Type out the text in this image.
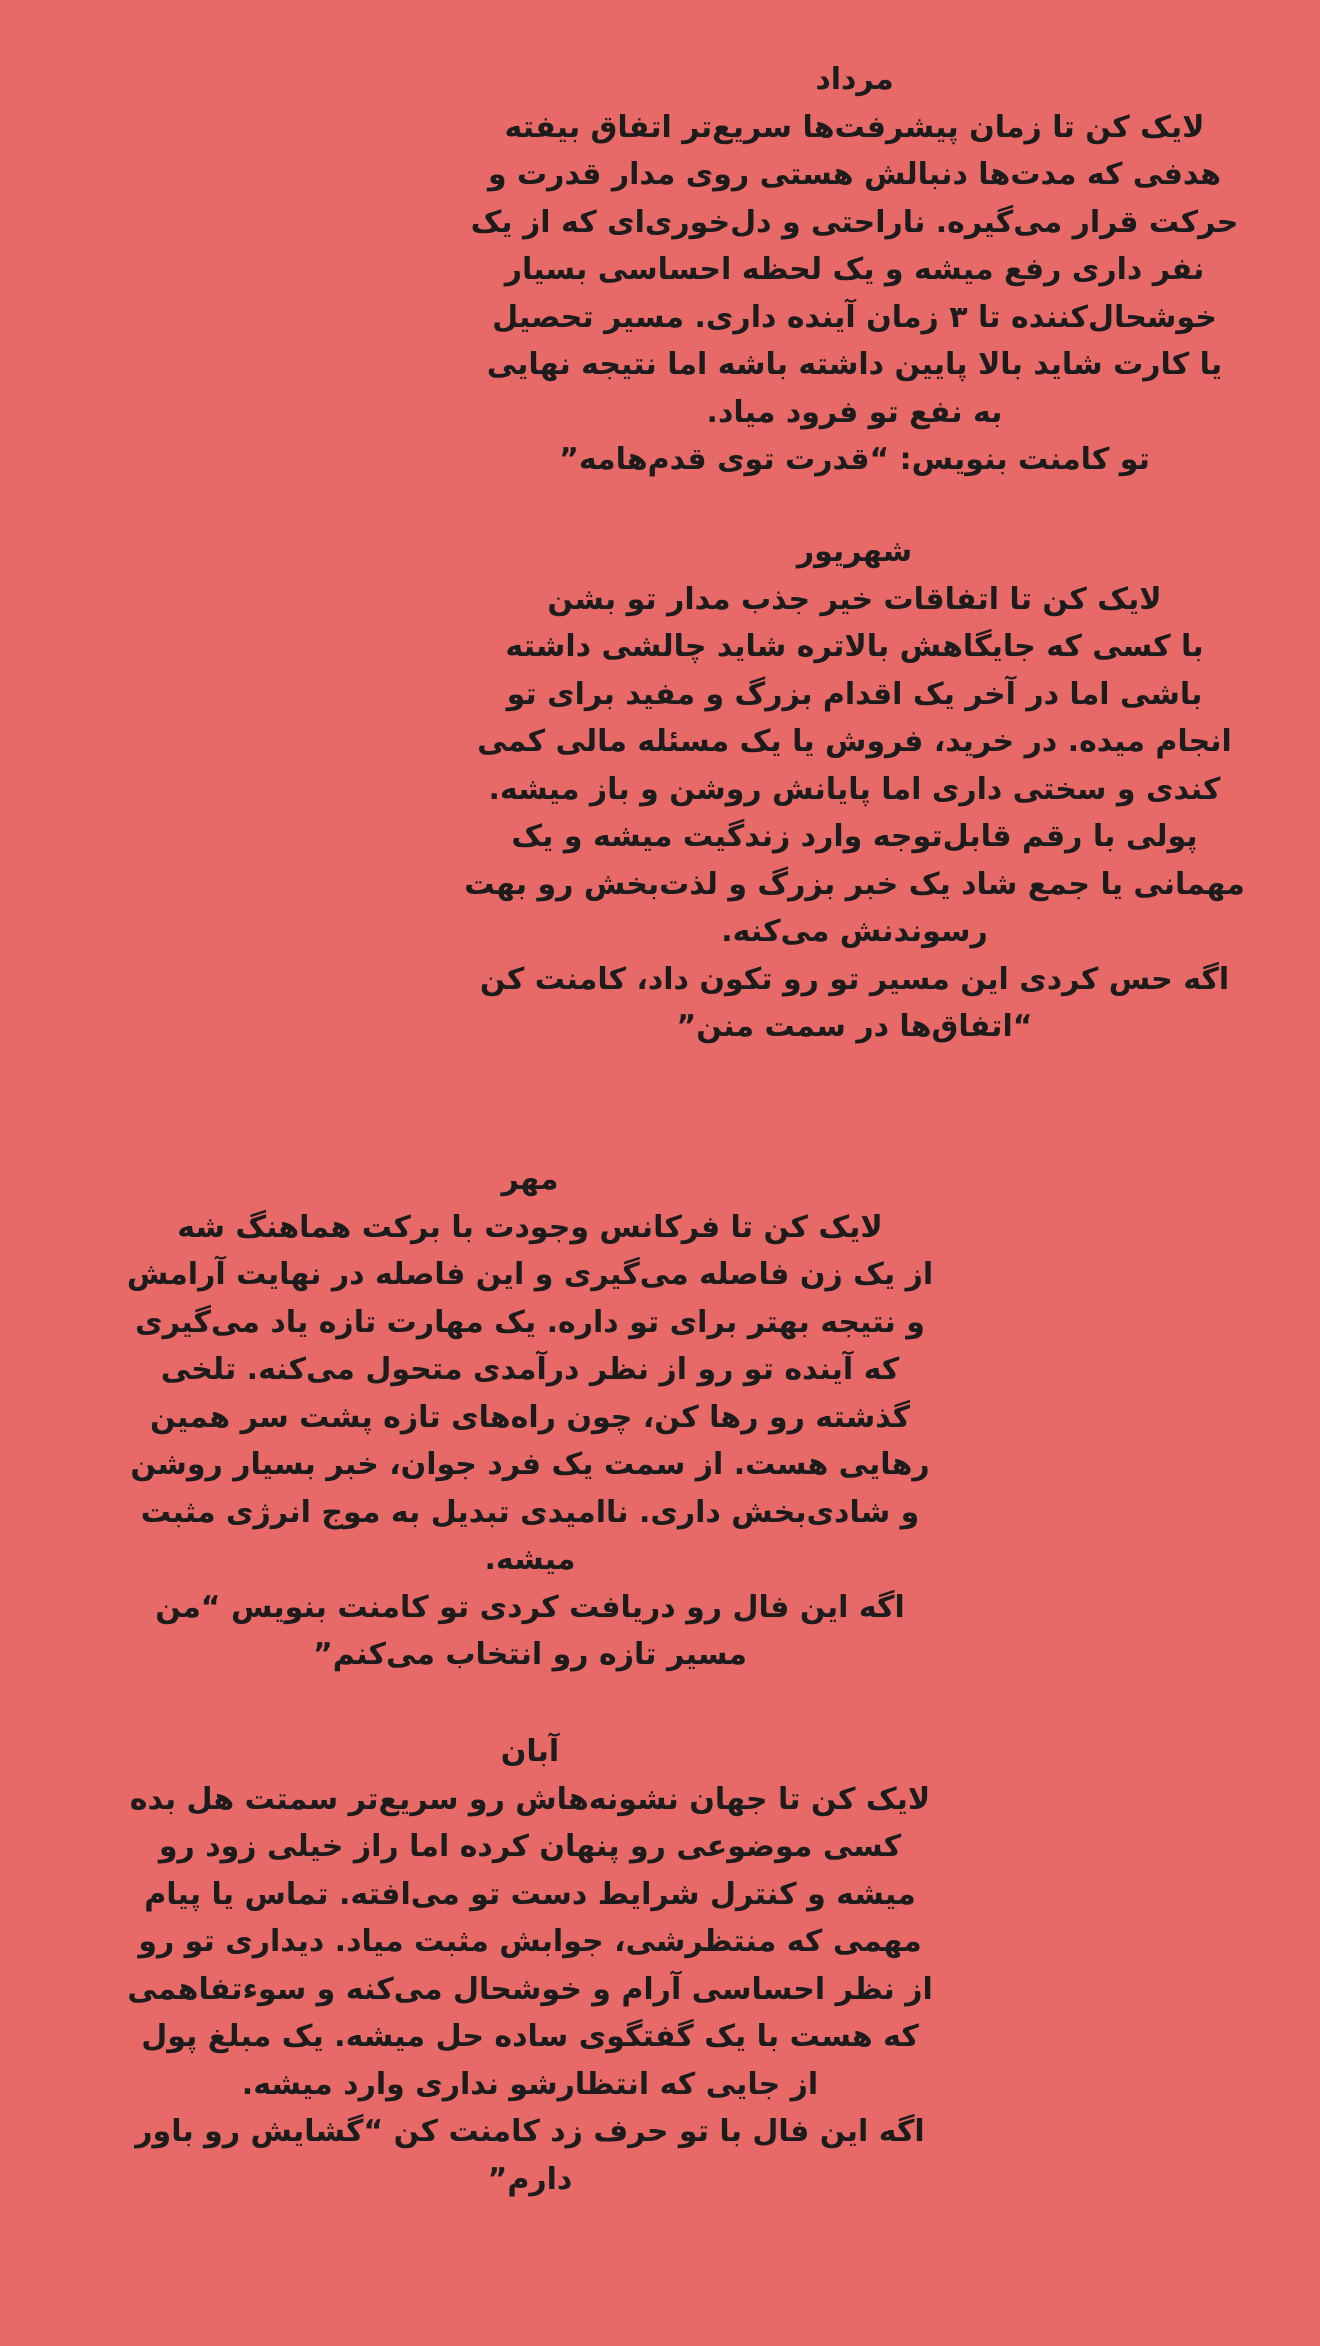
مرداد

لایک کن تا زمان پیشرفت‌ها سریع‌تر اتفاق بیفته

هدفی که مدت‌ها دنبالش هستی روی مدار قدرت و

حرکت قرار می‌گیره. ناراحتی و دل‌خوری‌ای که از یک

نفر داری رفع میشه و یک لحظه احساسی بسیار

خوشحال‌کننده تا ۳ زمان آینده داری. مسیر تحصیل

یا کارت شاید بالا پایین داشته باشه اما نتیجه نهایی

به نفع تو فرود میاد.

تو کامنت بنویس: “قدرت توی قدم‌هامه”

شهریور

لایک کن تا اتفاقات خیر جذب مدار تو بشن

با کسی که جایگاهش بالاتره شاید چالشی داشته

باشی اما در آخر یک اقدام بزرگ و مفید برای تو

انجام میده. در خرید، فروش یا یک مسئله مالی کمی

کندی و سختی داری اما پایانش روشن و باز میشه.

پولی با رقم قابل‌توجه وارد زندگیت میشه و یک

مهمانی یا جمع شاد یک خبر بزرگ و لذت‌بخش رو بهت

رسوندنش می‌کنه.

اگه حس کردی این مسیر تو رو تکون داد، کامنت کن

“اتفاق‌ها در سمت منن”

مهر

لایک کن تا فرکانس وجودت با برکت هماهنگ شه

از یک زن فاصله می‌گیری و این فاصله در نهایت آرامش

و نتیجه بهتر برای تو داره. یک مهارت تازه یاد می‌گیری

که آینده تو رو از نظر درآمدی متحول می‌کنه. تلخی

گذشته رو رها کن، چون راه‌های تازه پشت سر همین

رهایی هست. از سمت یک فرد جوان، خبر بسیار روشن

و شادی‌بخش داری. ناامیدی تبدیل به موج انرژی مثبت

میشه.

اگه این فال رو دریافت کردی تو کامنت بنویس “من

مسیر تازه رو انتخاب می‌کنم”

آبان

لایک کن تا جهان نشونه‌هاش رو سریع‌تر سمتت هل بده

کسی موضوعی رو پنهان کرده اما راز خیلی زود رو

میشه و کنترل شرایط دست تو می‌افته. تماس یا پیام

مهمی که منتظرشی، جوابش مثبت میاد. دیداری تو رو

از نظر احساسی آرام و خوشحال می‌کنه و سوءتفاهمی

که هست با یک گفتگوی ساده حل میشه. یک مبلغ پول

از جایی که انتظارشو نداری وارد میشه.

اگه این فال با تو حرف زد کامنت کن “گشایش رو باور

دارم”
